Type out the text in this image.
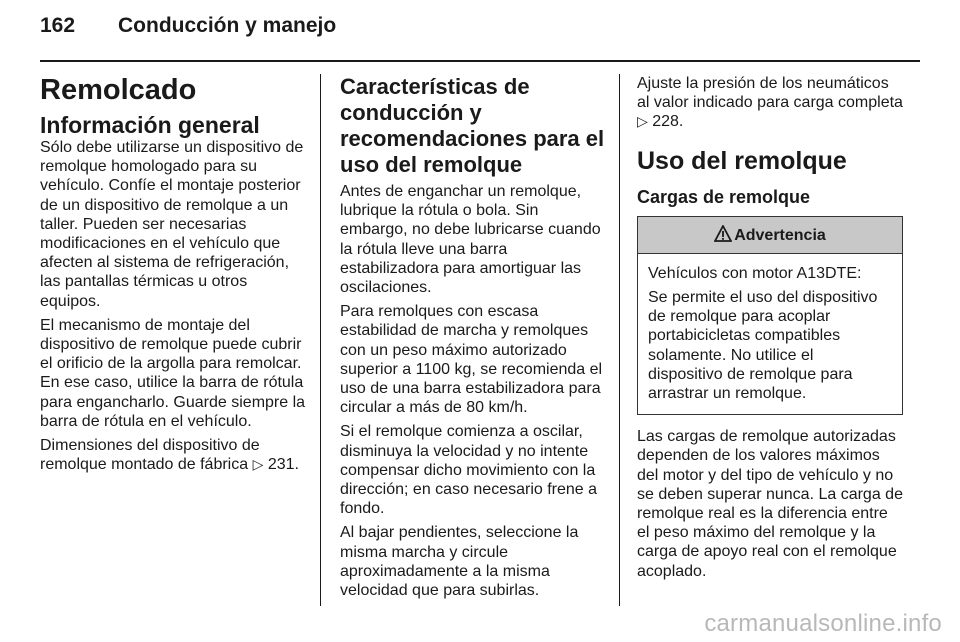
162 Conducción y manejo
Remolcado
Información general

Sólo debe utilizarse un dispositivo de remolque homologado para su vehículo. Confíe el montaje posterior de un dispositivo de remolque a un taller. Pueden ser necesarias modificaciones en el vehículo que afecten al sistema de refrigeración, las pantallas térmicas u otros equipos.

El mecanismo de montaje del dispositivo de remolque puede cubrir el orificio de la argolla para remolcar. En ese caso, utilice la barra de rótula para engancharlo. Guarde siempre la barra de rótula en el vehículo.

Dimensiones del dispositivo de remolque montado de fábrica ▷ 231.

Características de conducción y recomendaciones para el uso del remolque

Antes de enganchar un remolque, lubrique la rótula o bola. Sin embargo, no debe lubricarse cuando la rótula lleve una barra estabilizadora para amortiguar las oscilaciones.

Para remolques con escasa estabilidad de marcha y remolques con un peso máximo autorizado superior a 1100 kg, se recomienda el uso de una barra estabilizadora para circular a más de 80 km/h.

Si el remolque comienza a oscilar, disminuya la velocidad y no intente compensar dicho movimiento con la dirección; en caso necesario frene a fondo.

Al bajar pendientes, seleccione la misma marcha y circule aproximadamente a la misma velocidad que para subirlas.

Ajuste la presión de los neumáticos al valor indicado para carga completa ▷ 228.

Uso del remolque
Cargas de remolque
Advertencia

Vehículos con motor A13DTE:

Se permite el uso del dispositivo de remolque para acoplar portabicicletas compatibles solamente. No utilice el dispositivo de remolque para arrastrar un remolque.

Las cargas de remolque autorizadas dependen de los valores máximos del motor y del tipo de vehículo y no se deben superar nunca. La carga de remolque real es la diferencia entre el peso máximo del remolque y la carga de apoyo real con el remolque acoplado.

carmanualsonline.info
